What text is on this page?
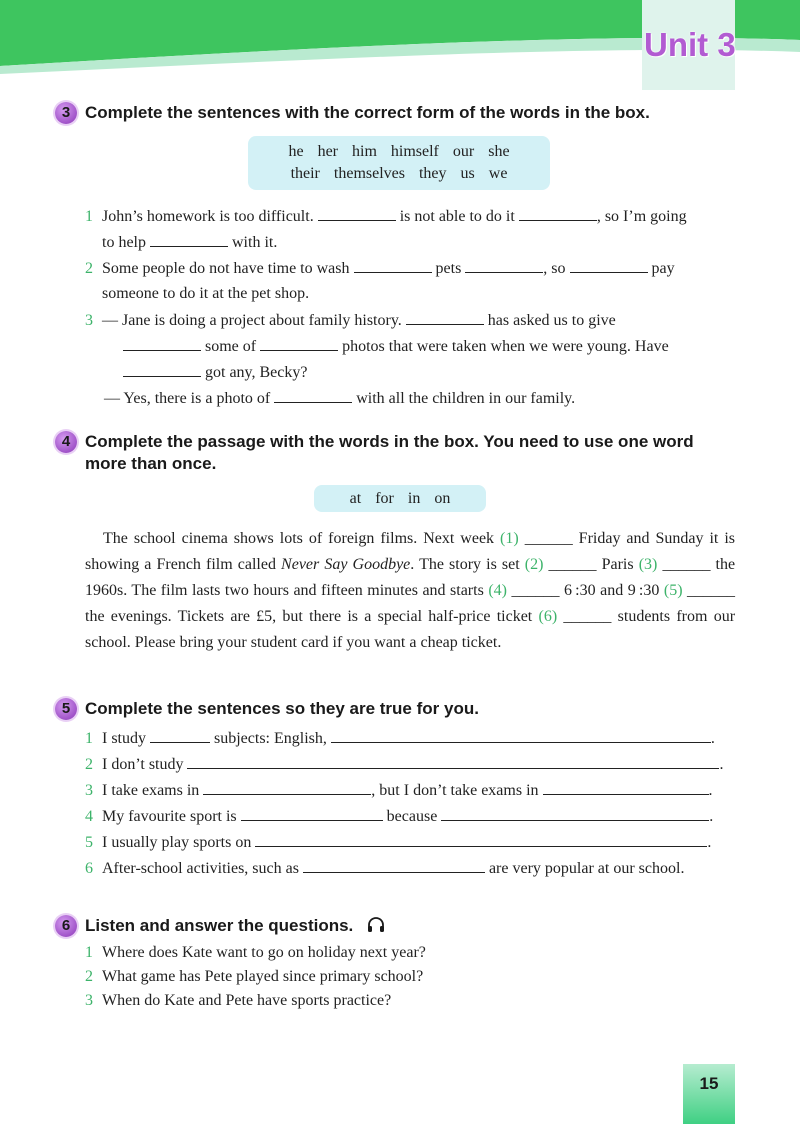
Unit 3
3 Complete the sentences with the correct form of the words in the box.
he her him himself our she
their themselves they us we
1 John’s homework is too difficult.	is not able to do it	, so I’m going
to help	with it.
2 Some people do not have time to wash	pets	, so	pay
someone to do it at the pet shop.
3 — Jane is doing a project about family history.	has asked us to give
some of	photos that were taken when we were young. Have
got any, Becky?
— Yes, there is a photo of	with all the children in our family.
4 Complete the passage with the words in the box. You need to use one word
more than once.
at for in on
The school cinema shows lots of foreign films. Next week (1) ______ Friday and Sunday it is showing a French film called Never Say Goodbye. The story is set (2) ______ Paris (3) ______ the 1960s. The film lasts two hours and fifteen minutes and starts (4) ______ 6 :30 and 9 :30 (5) ______ the evenings. Tickets are £5, but there is a special half-price ticket (6) ______ students from our school. Please bring your student card if you want a cheap ticket.
5 Complete the sentences so they are true for you.
1 I study	subjects: English,	.
2 I don’t study	.
3 I take exams in	, but I don’t take exams in	.
4 My favourite sport is	because	.
5 I usually play sports on	.
6 After-school activities, such as	are very popular at our school.
6 Listen and answer the questions.
1 Where does Kate want to go on holiday next year?
2 What game has Pete played since primary school?
3 When do Kate and Pete have sports practice?
15
